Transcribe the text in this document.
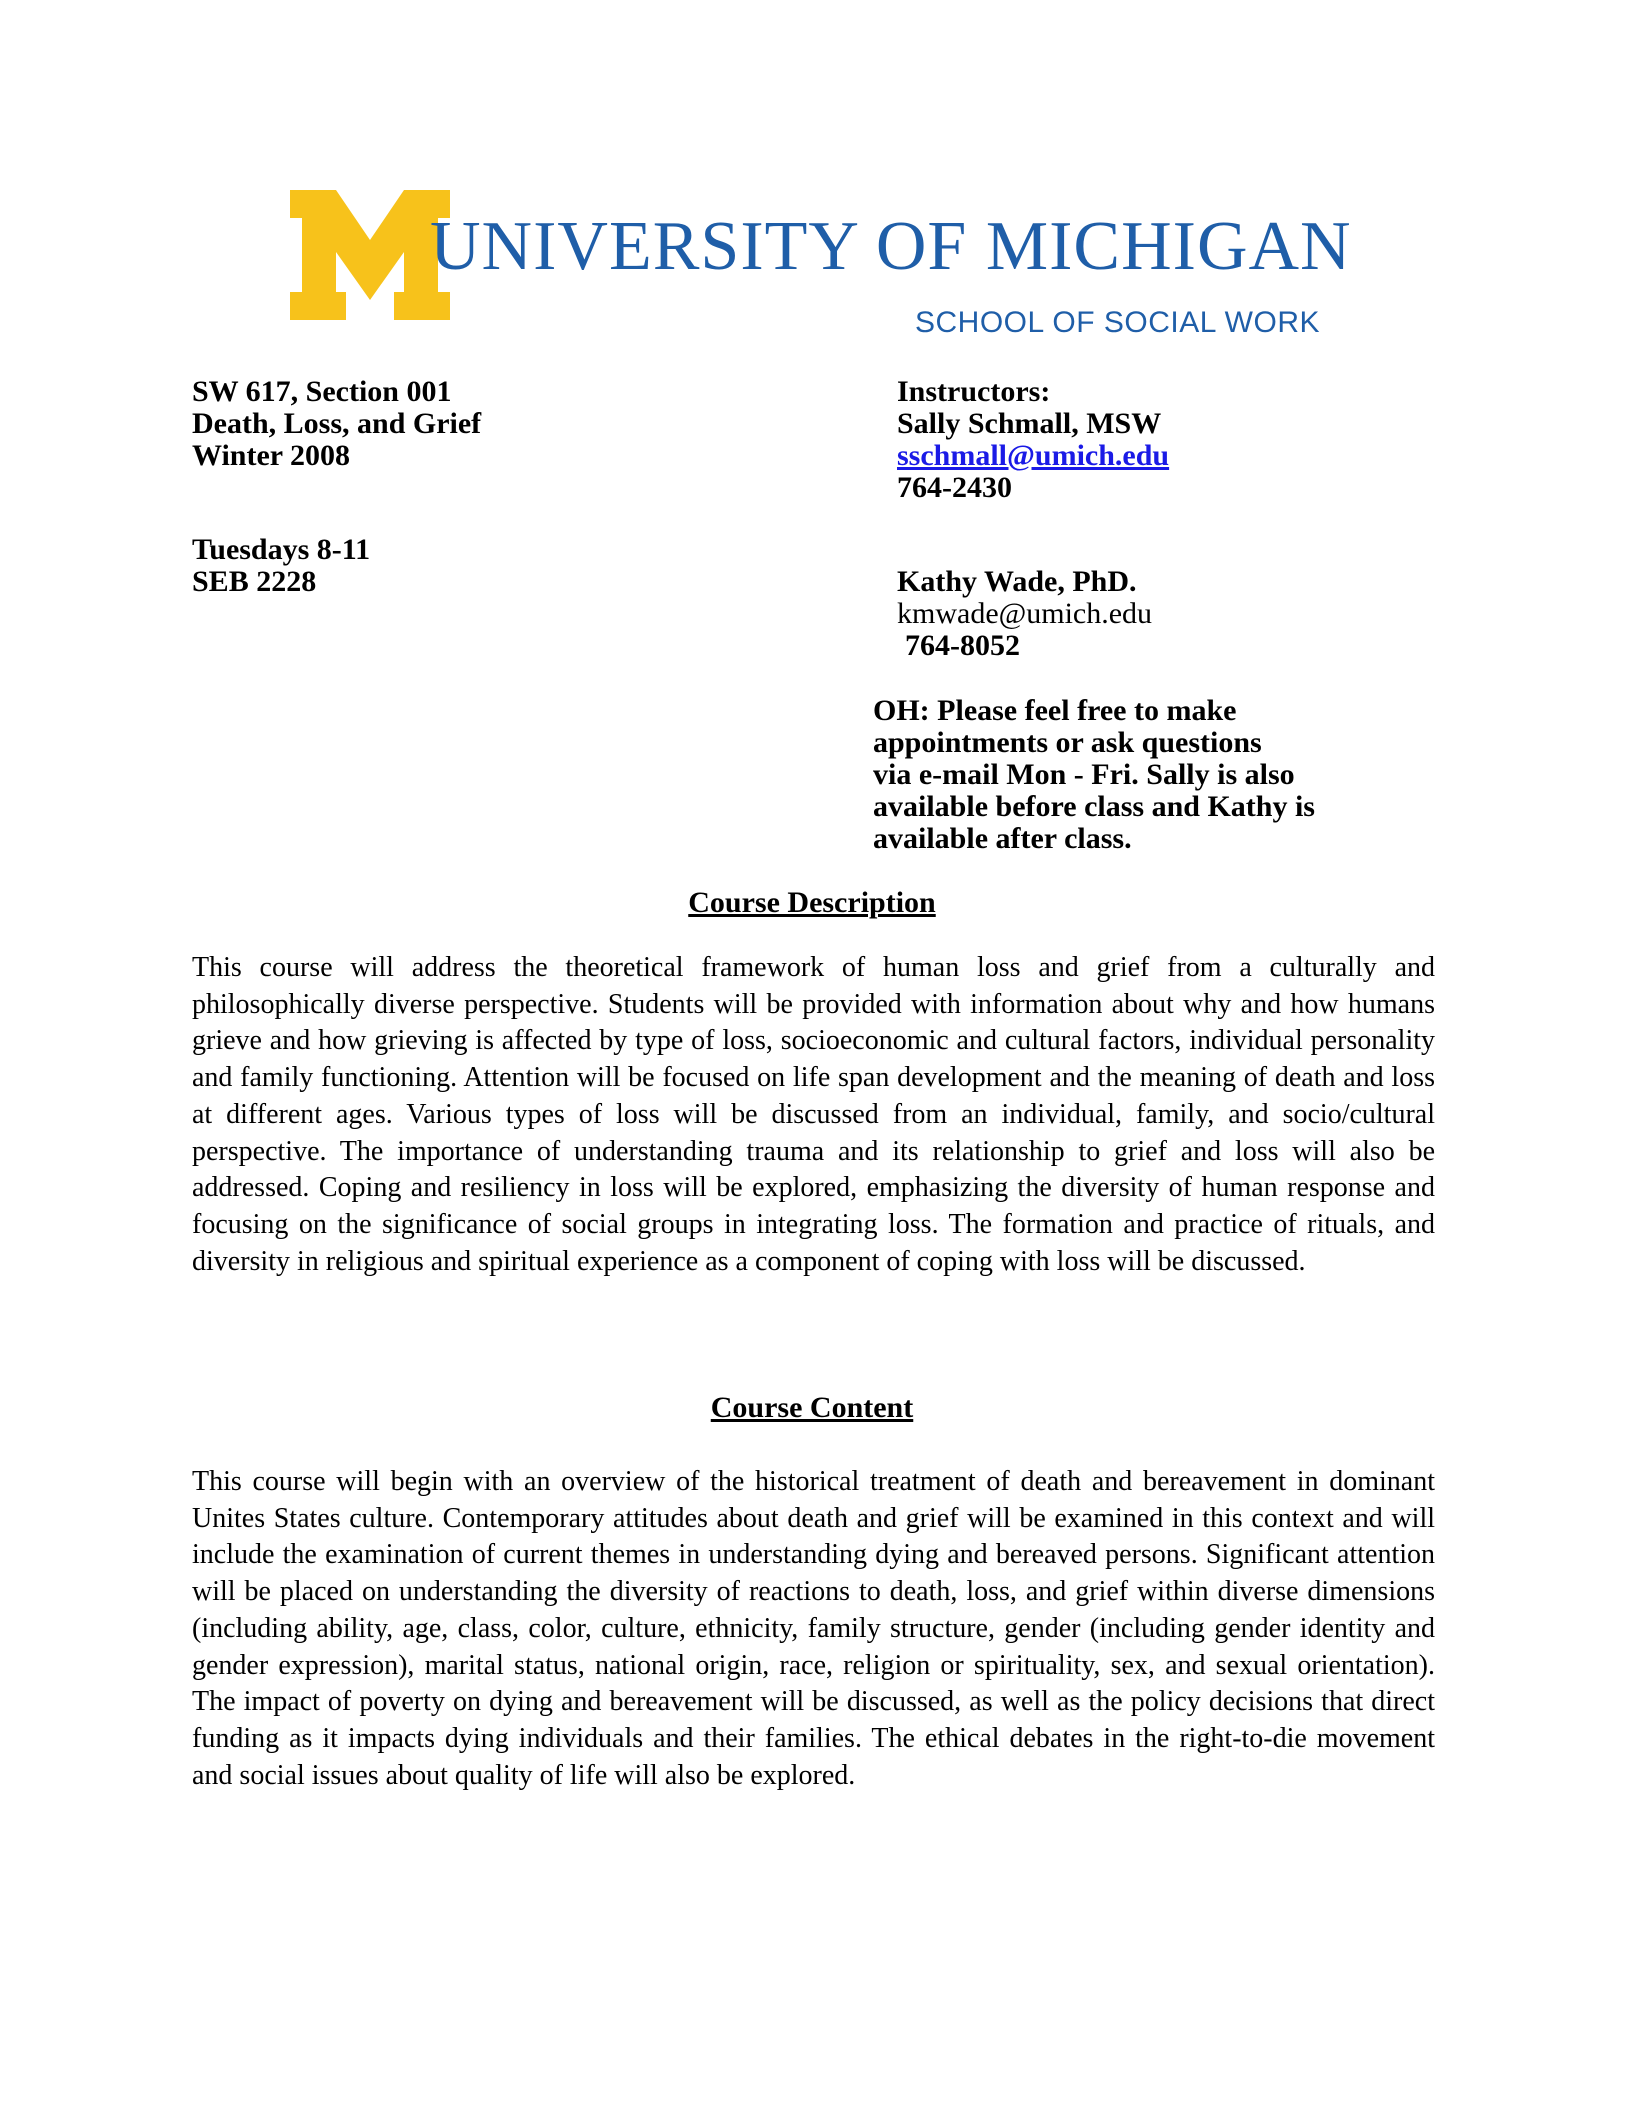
UNIVERSITY OF MICHIGAN
SCHOOL OF SOCIAL WORK
SW 617, Section 001
Death, Loss, and Grief
Winter 2008
Tuesdays 8-11
SEB 2228
Instructors:
Sally Schmall, MSW
sschmall@umich.edu
764-2430
Kathy Wade, PhD.
kmwade@umich.edu
764-8052
OH: Please feel free to make
appointments or ask questions
via e-mail Mon - Fri. Sally is also
available before class and Kathy is
available after class.
Course Description

This course will address the theoretical framework of human loss and grief from a culturally and philosophically diverse perspective. Students will be provided with information about why and how humans grieve and how grieving is affected by type of loss, socioeconomic and cultural factors, individual personality and family functioning. Attention will be focused on life span development and the meaning of death and loss at different ages. Various types of loss will be discussed from an individual, family, and socio/cultural perspective. The importance of understanding trauma and its relationship to grief and loss will also be addressed. Coping and resiliency in loss will be explored, emphasizing the diversity of human response and focusing on the significance of social groups in integrating loss. The formation and practice of rituals, and diversity in religious and spiritual experience as a component of coping with loss will be discussed.

Course Content

This course will begin with an overview of the historical treatment of death and bereavement in dominant Unites States culture. Contemporary attitudes about death and grief will be examined in this context and will include the examination of current themes in understanding dying and bereaved persons. Significant attention will be placed on understanding the diversity of reactions to death, loss, and grief within diverse dimensions (including ability, age, class, color, culture, ethnicity, family structure, gender (including gender identity and gender expression), marital status, national origin, race, religion or spirituality, sex, and sexual orientation). The impact of poverty on dying and bereavement will be discussed, as well as the policy decisions that direct funding as it impacts dying individuals and their families. The ethical debates in the right-to-die movement and social issues about quality of life will also be explored.
